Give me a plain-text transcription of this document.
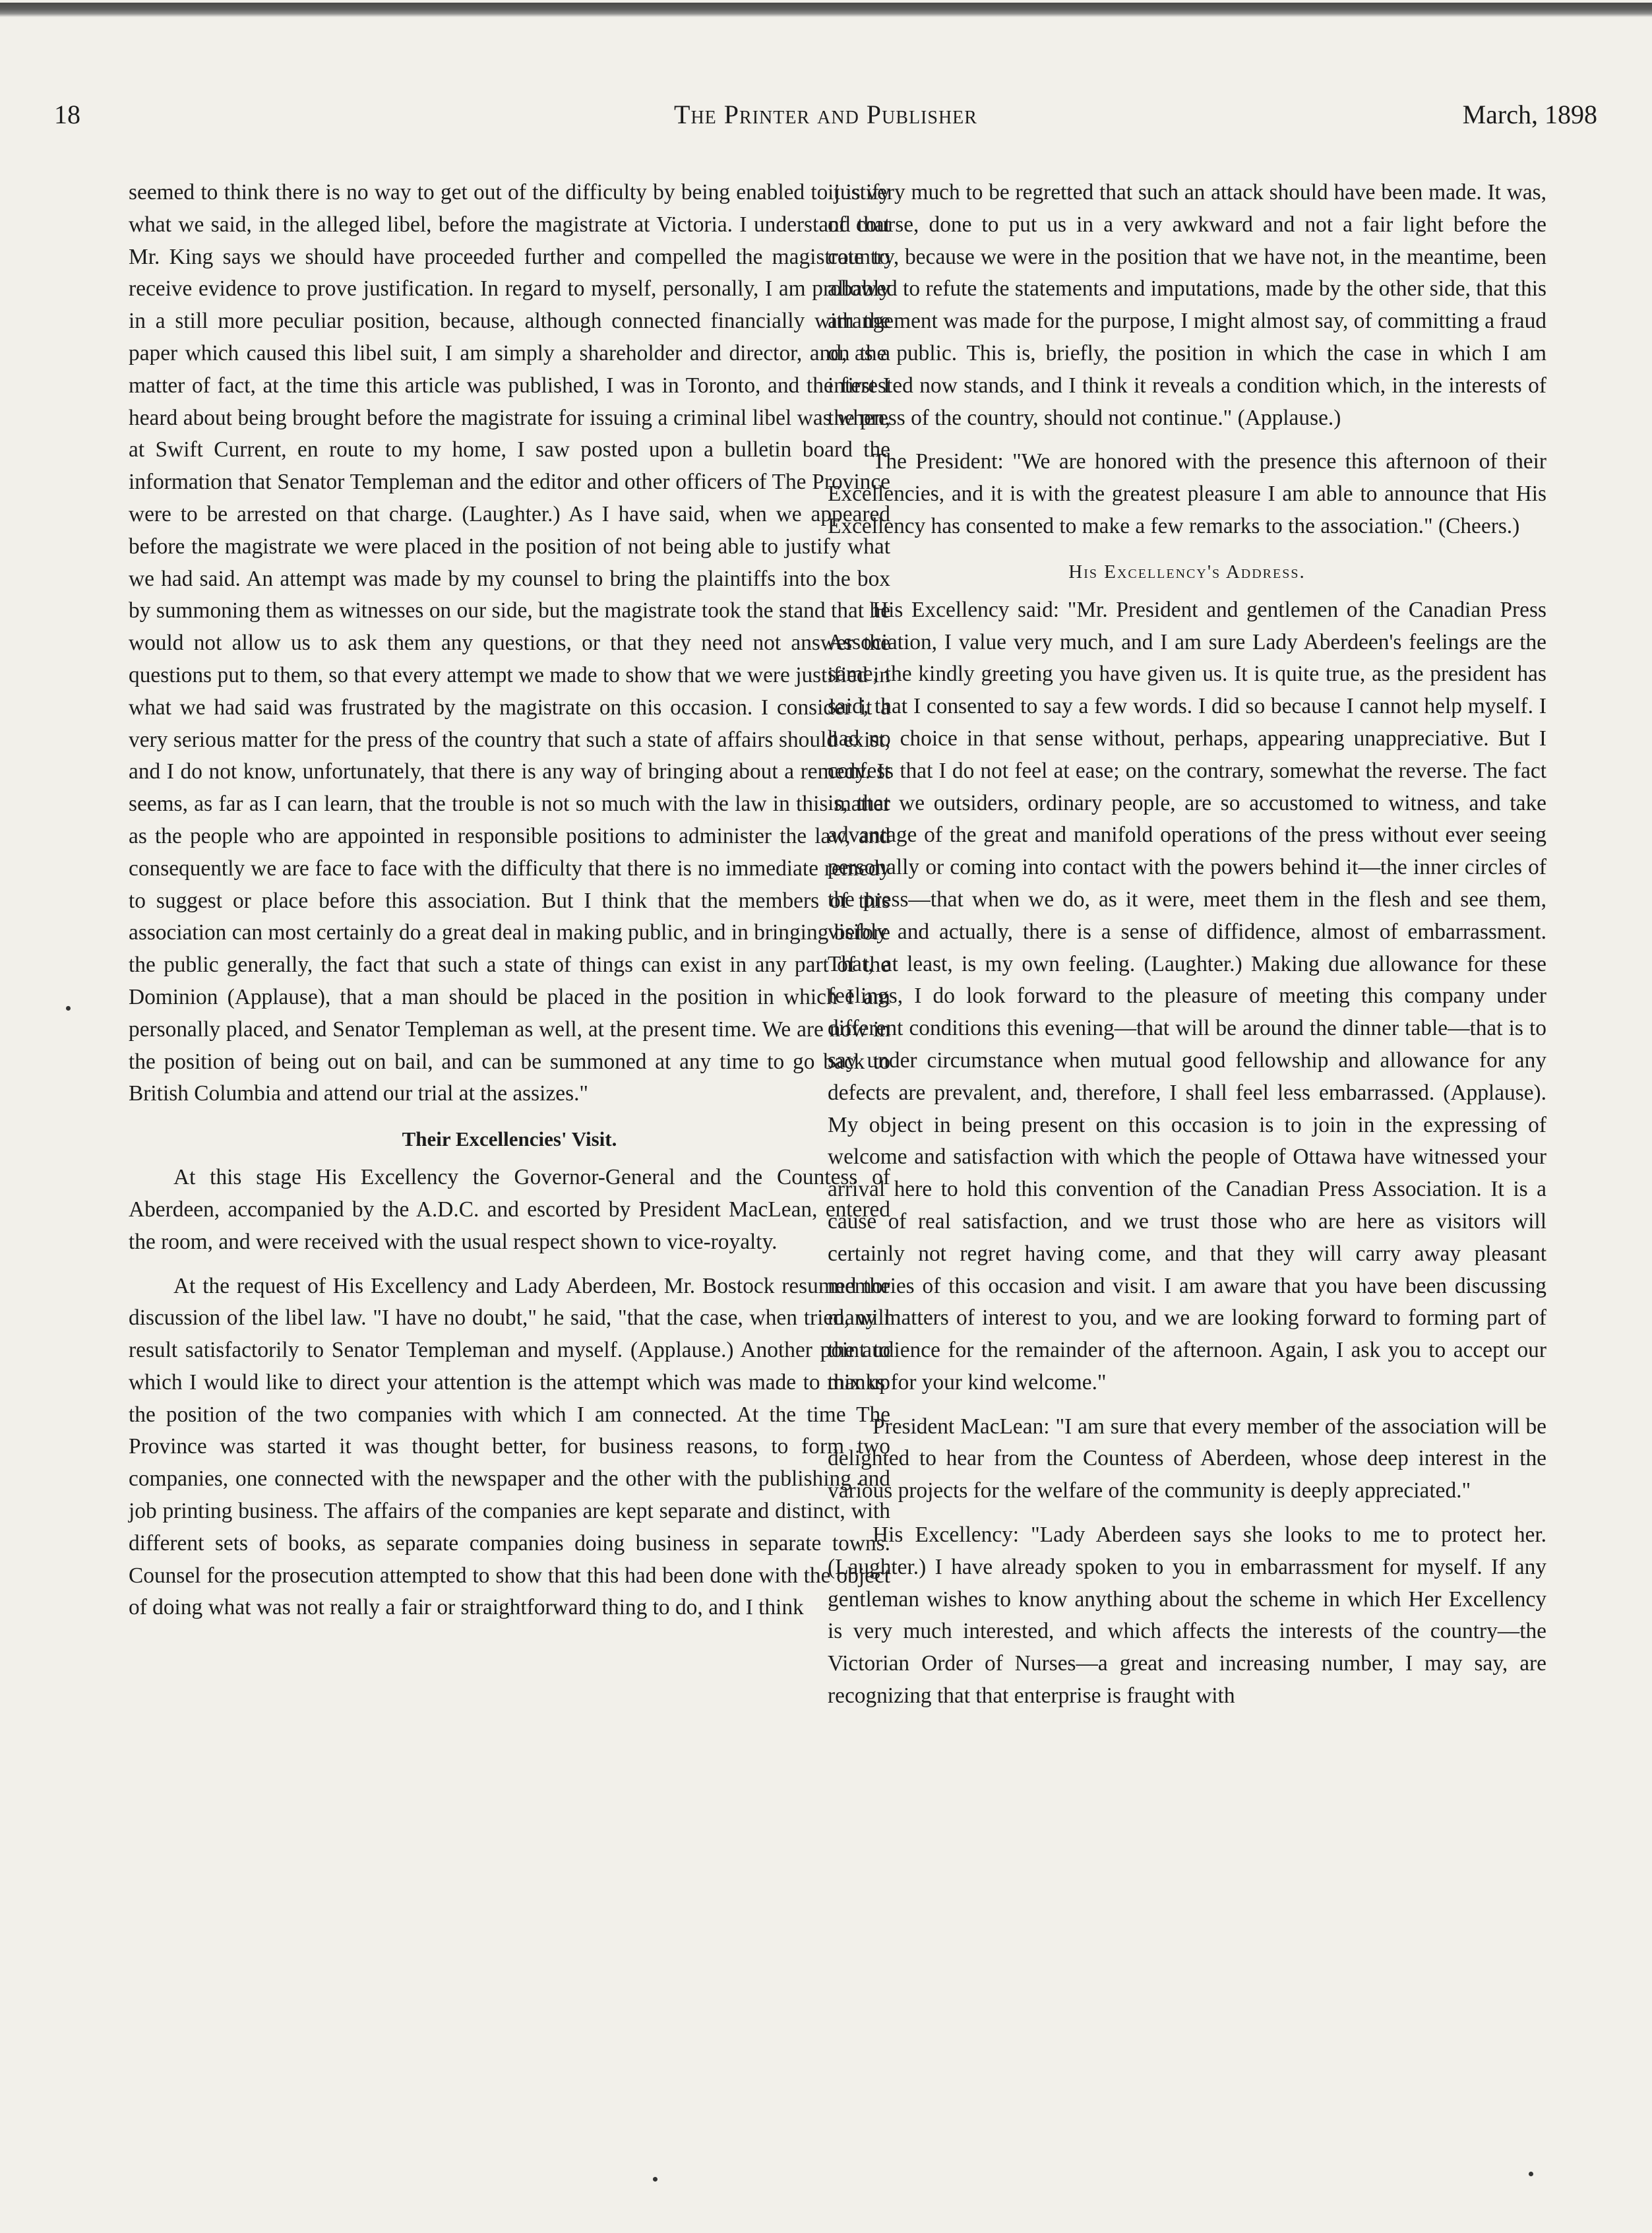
18	The Printer and Publisher	March, 1898

seemed to think there is no way to get out of the difficulty by being enabled to justify what we said, in the alleged libel, before the magistrate at Victoria. I understand that Mr. King says we should have proceeded further and compelled the magistrate to receive evidence to prove justification. In regard to myself, personally, I am probably in a still more peculiar position, because, although connected financially with the paper which caused this libel suit, I am simply a shareholder and director, and, as a matter of fact, at the time this article was published, I was in Toronto, and the first I heard about being brought before the magistrate for issuing a criminal libel was when, at Swift Current, en route to my home, I saw posted upon a bulletin board the information that Senator Templeman and the editor and other officers of The Province were to be arrested on that charge. (Laughter.) As I have said, when we appeared before the magistrate we were placed in the position of not being able to justify what we had said. An attempt was made by my counsel to bring the plaintiffs into the box by summoning them as witnesses on our side, but the magistrate took the stand that he would not allow us to ask them any questions, or that they need not answer the questions put to them, so that every attempt we made to show that we were justified in what we had said was frustrated by the magistrate on this occasion. I consider it a very serious matter for the press of the country that such a state of affairs should exist, and I do not know, unfortunately, that there is any way of bringing about a remedy. It seems, as far as I can learn, that the trouble is not so much with the law in this matter as the people who are appointed in responsible positions to administer the law, and consequently we are face to face with the difficulty that there is no immediate remedy to suggest or place before this association. But I think that the members of this association can most certainly do a great deal in making public, and in bringing before the public generally, the fact that such a state of things can exist in any part of the Dominion (Applause), that a man should be placed in the position in which I am personally placed, and Senator Templeman as well, at the present time. We are now in the position of being out on bail, and can be summoned at any time to go back to British Columbia and attend our trial at the assizes."

Their Excellencies' Visit.

At this stage His Excellency the Governor-General and the Countess of Aberdeen, accompanied by the A.D.C. and escorted by President MacLean, entered the room, and were received with the usual respect shown to vice-royalty.

At the request of His Excellency and Lady Aberdeen, Mr. Bostock resumed the discussion of the libel law. "I have no doubt," he said, "that the case, when tried, will result satisfactorily to Senator Templeman and myself. (Applause.) Another point to which I would like to direct your attention is the attempt which was made to mix up the position of the two companies with which I am connected. At the time The Province was started it was thought better, for business reasons, to form two companies, one connected with the newspaper and the other with the publishing and job printing business. The affairs of the companies are kept separate and distinct, with different sets of books, as separate companies doing business in separate towns. Counsel for the prosecution attempted to show that this had been done with the object of doing what was not really a fair or straightforward thing to do, and I think

it is very much to be regretted that such an attack should have been made. It was, of course, done to put us in a very awkward and not a fair light before the country, because we were in the position that we have not, in the meantime, been allowed to refute the statements and imputations, made by the other side, that this arrangement was made for the purpose, I might almost say, of committing a fraud on the public. This is, briefly, the position in which the case in which I am interested now stands, and I think it reveals a condition which, in the interests of the press of the country, should not continue." (Applause.)

The President: "We are honored with the presence this afternoon of their Excellencies, and it is with the greatest pleasure I am able to announce that His Excellency has consented to make a few remarks to the association." (Cheers.)

His Excellency's Address.

His Excellency said: "Mr. President and gentlemen of the Canadian Press Association, I value very much, and I am sure Lady Aberdeen's feelings are the same, the kindly greeting you have given us. It is quite true, as the president has said, that I consented to say a few words. I did so because I cannot help myself. I had no choice in that sense without, perhaps, appearing unappreciative. But I confess that I do not feel at ease; on the contrary, somewhat the reverse. The fact is, that we outsiders, ordinary people, are so accustomed to witness, and take advantage of the great and manifold operations of the press without ever seeing personally or coming into contact with the powers behind it—the inner circles of the press—that when we do, as it were, meet them in the flesh and see them, visibly and actually, there is a sense of diffidence, almost of embarrassment. That, at least, is my own feeling. (Laughter.) Making due allowance for these feelings, I do look forward to the pleasure of meeting this company under different conditions this evening—that will be around the dinner table—that is to say under circumstance when mutual good fellowship and allowance for any defects are prevalent, and, therefore, I shall feel less embarrassed. (Applause). My object in being present on this occasion is to join in the expressing of welcome and satisfaction with which the people of Ottawa have witnessed your arrival here to hold this convention of the Canadian Press Association. It is a cause of real satisfaction, and we trust those who are here as visitors will certainly not regret having come, and that they will carry away pleasant memories of this occasion and visit. I am aware that you have been discussing many matters of interest to you, and we are looking forward to forming part of the audience for the remainder of the afternoon. Again, I ask you to accept our thanks for your kind welcome."

President MacLean: "I am sure that every member of the association will be delighted to hear from the Countess of Aberdeen, whose deep interest in the various projects for the welfare of the community is deeply appreciated."

His Excellency: "Lady Aberdeen says she looks to me to protect her. (Laughter.) I have already spoken to you in embarrassment for myself. If any gentleman wishes to know anything about the scheme in which Her Excellency is very much interested, and which affects the interests of the country—the Victorian Order of Nurses—a great and increasing number, I may say, are recognizing that that enterprise is fraught with
